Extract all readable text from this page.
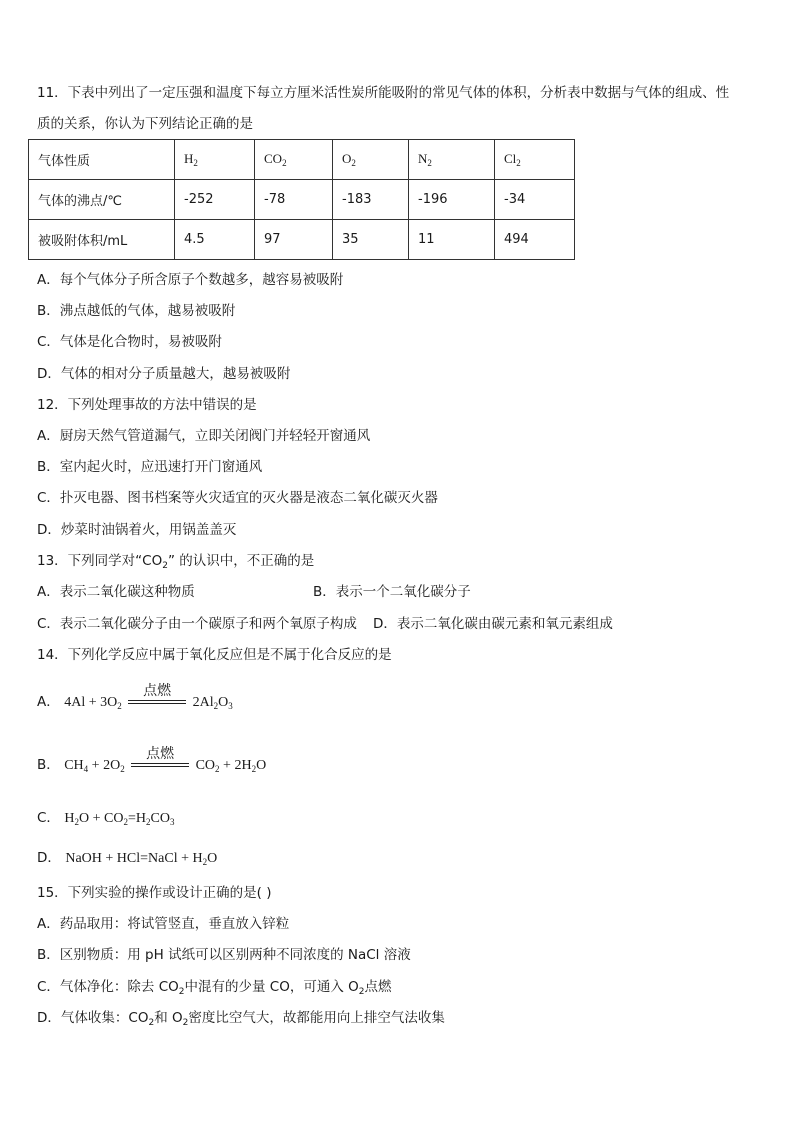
11．下表中列出了一定压强和温度下每立方厘米活性炭所能吸附的常见气体的体积，分析表中数据与气体的组成、性
质的关系，你认为下列结论正确的是
气体性质	$H_2$	$CO_2$	$O_2$	$N_2$	$Cl_2$
气体的沸点/℃	-252	-78	-183	-196	-34
被吸附体积/mL	4.5	97	35	11	494
A．每个气体分子所含原子个数越多，越容易被吸附
B．沸点越低的气体，越易被吸附
C．气体是化合物时，易被吸附
D．气体的相对分子质量越大，越易被吸附
12．下列处理事故的方法中错误的是
A．厨房天然气管道漏气，立即关闭阀门并轻轻开窗通风
B．室内起火时，应迅速打开门窗通风
C．扑灭电器、图书档案等火灾适宜的灭火器是液态二氧化碳灭火器
D．炒菜时油锅着火，用锅盖盖灭
13．下列同学对“$CO_2$” 的认识中，不正确的是
A．表示二氧化碳这种物质	B．表示一个二氧化碳分子
C．表示二氧化碳分子由一个碳原子和两个氧原子构成 D．表示二氧化碳由碳元素和氧元素组成
14．下列化学反应中属于氧化反应但是不属于化合反应的是
A． $4Al + 3O_2$
点燃
$2Al_2O_3$
B． $CH_4 + 2O_2$
点燃
$CO_2 + 2H_2O$
C． $H_2O + CO_2=H_2CO_3$
D． NaOH + HCl=NaCl + $H_2O$
15．下列实验的操作或设计正确的是( )
A．药品取用：将试管竖直，垂直放入锌粒
B．区别物质：用 pH 试纸可以区别两种不同浓度的 NaCl 溶液
C．气体净化：除去 $CO_2$中混有的少量 CO，可通入 $O_2$点燃
D．气体收集：$CO_2$和 $O_2$密度比空气大，故都能用向上排空气法收集
